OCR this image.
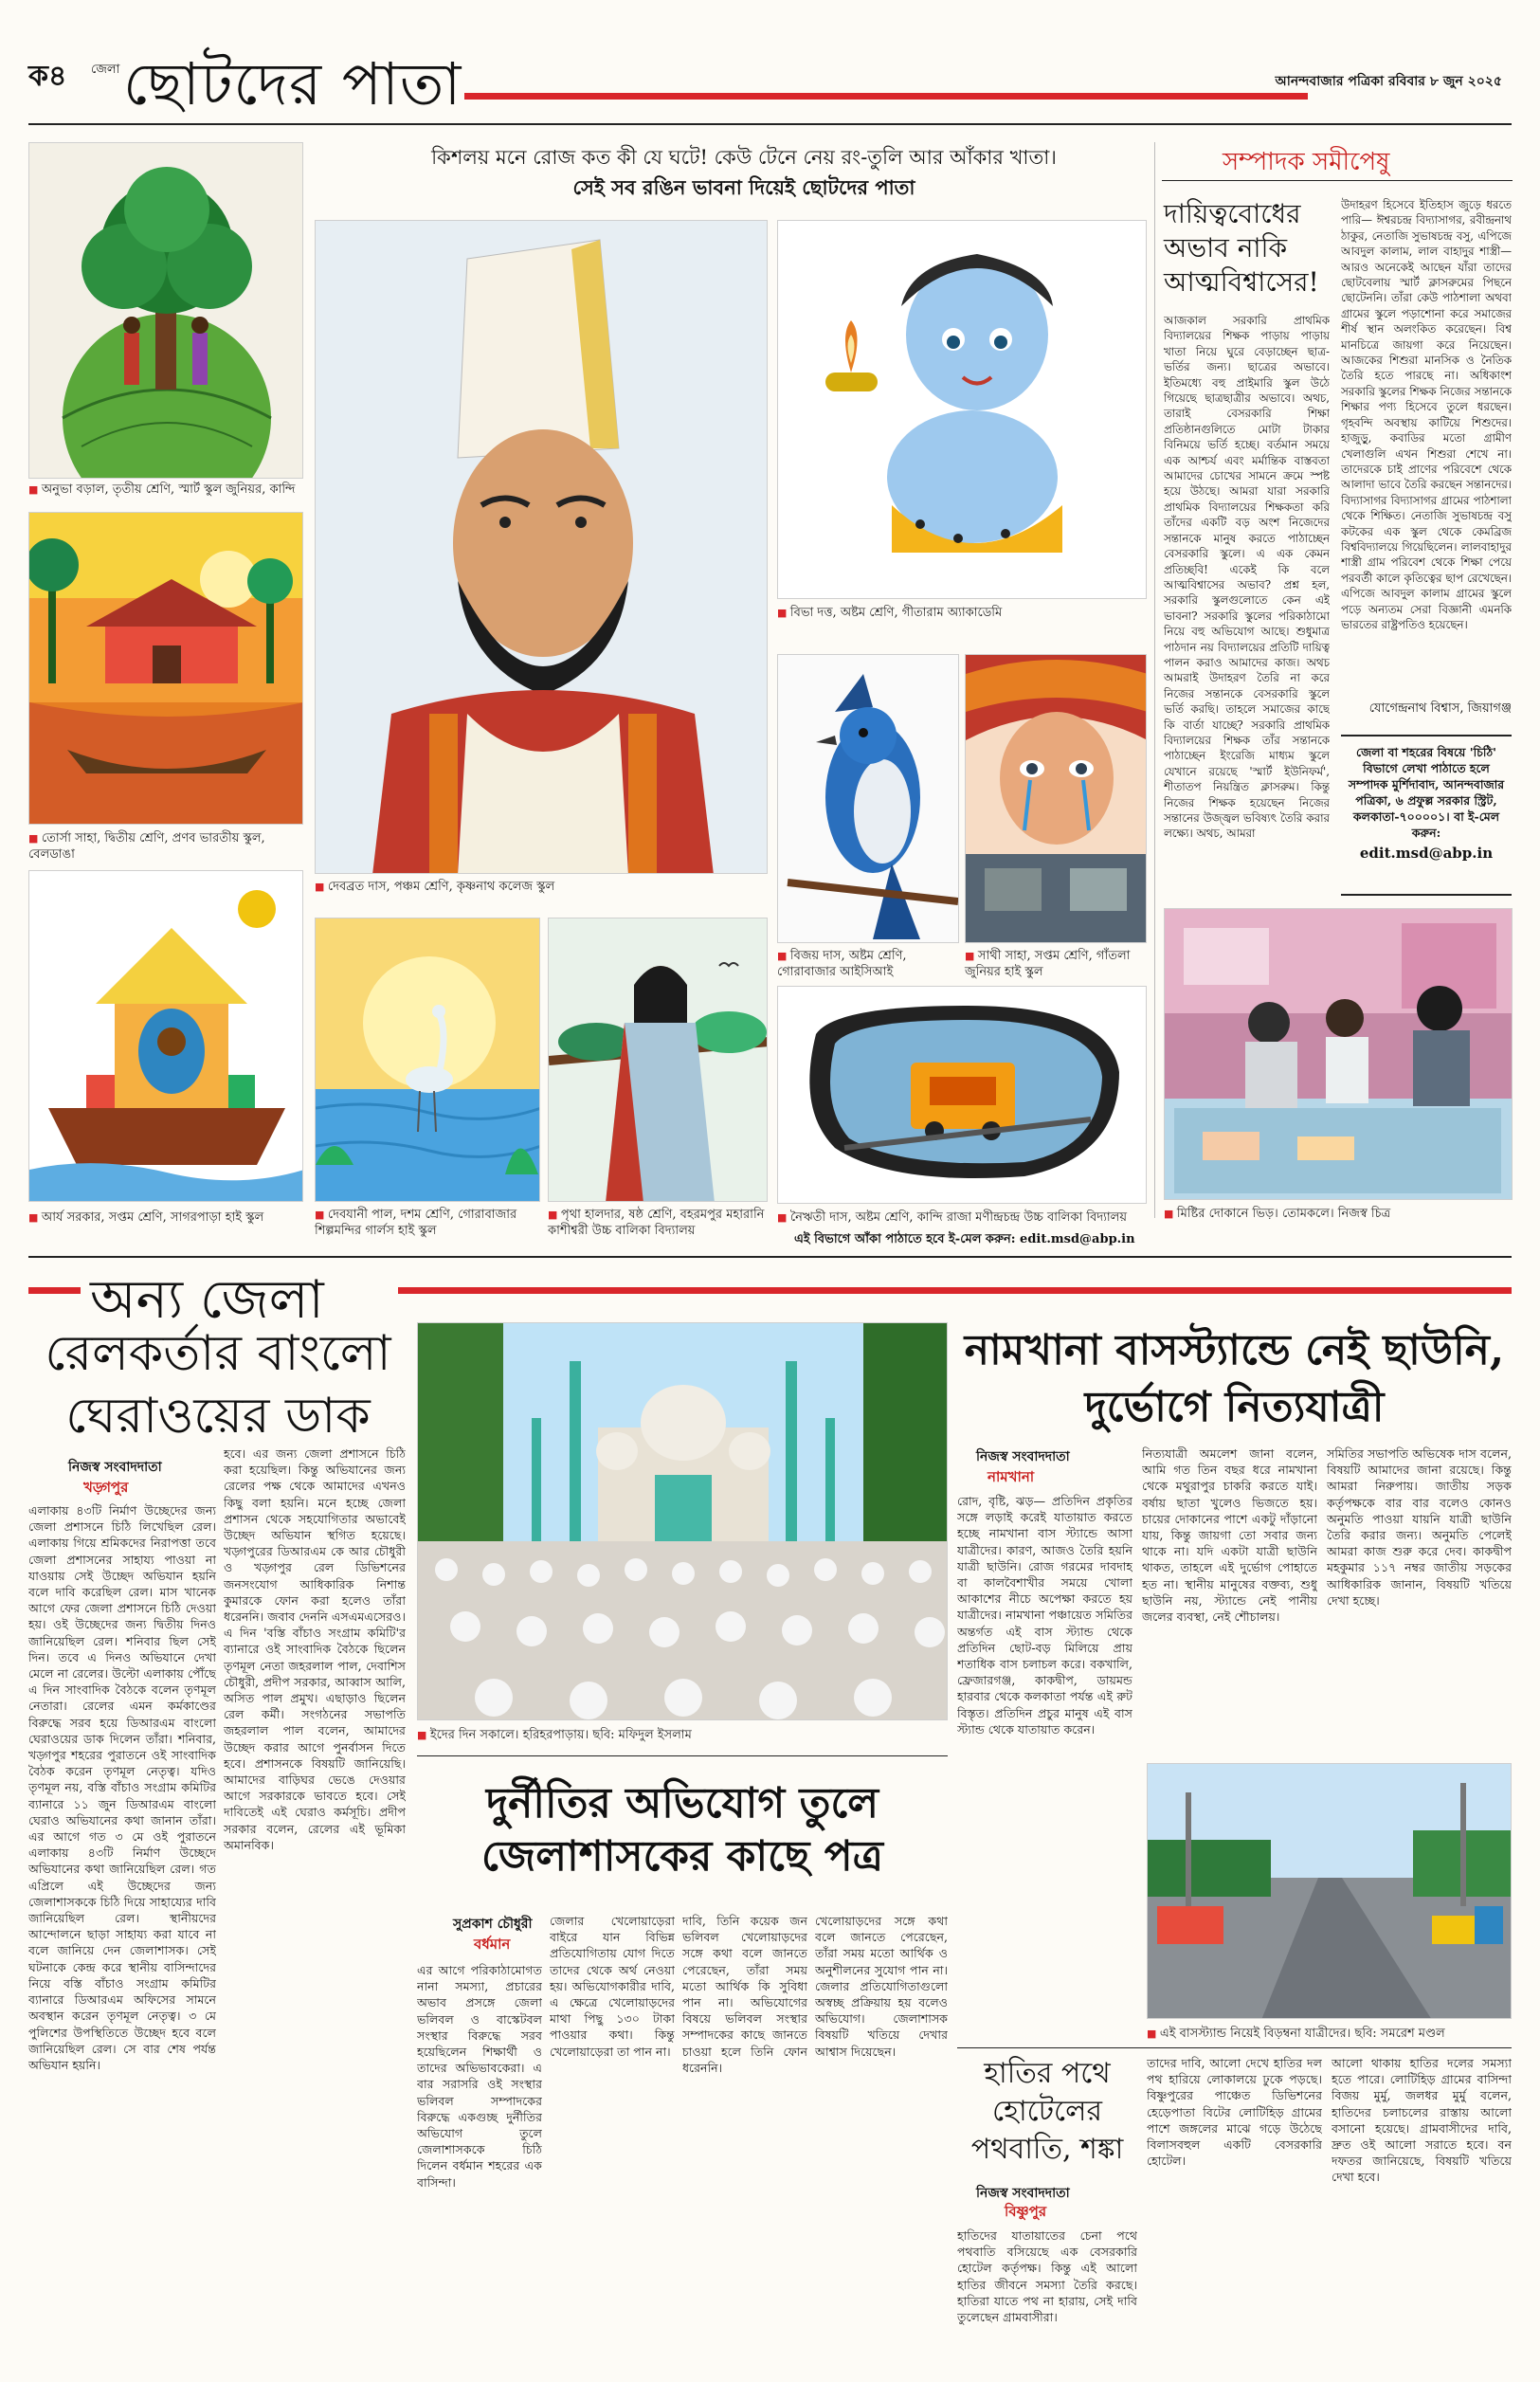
ক৪ জেলা ছোটদের পাতা	আনন্দবাজার পত্রিকা রবিবার ৮ জুন ২০২৫
কিশলয় মনে রোজ কত কী যে ঘটে! কেউ টেনে নেয় রং-তুলি আর আঁকার খাতা।
সেই সব রঙিন ভাবনা দিয়েই ছোটদের পাতা
■ অনুভা বড়াল, তৃতীয় শ্রেণি, স্মার্ট স্কুল জুনিয়র, কান্দি
■ তোর্সা সাহা, দ্বিতীয় শ্রেণি, প্রণব ভারতীয় স্কুল, বেলডাঙা
■ আর্য সরকার, সপ্তম শ্রেণি, সাগরপাড়া হাই স্কুল
■ দেবব্রত দাস, পঞ্চম শ্রেণি, কৃষ্ণনাথ কলেজ স্কুল
■ বিভা দত্ত, অষ্টম শ্রেণি, গীতারাম অ্যাকাডেমি
■ বিজয় দাস, অষ্টম শ্রেণি, গোরাবাজার আইসিআই
■ সাথী সাহা, সপ্তম শ্রেণি, গাঁতলা জুনিয়র হাই স্কুল
■ দেবযানী পাল, দশম শ্রেণি, গোরাবাজার শিল্পমন্দির গার্লস হাই স্কুল
■ পৃথা হালদার, ষষ্ঠ শ্রেণি, বহরমপুর মহারানি কাশীশ্বরী উচ্চ বালিকা বিদ্যালয়
■ নৈঋতী দাস, অষ্টম শ্রেণি, কান্দি রাজা মণীন্দ্রচন্দ্র উচ্চ বালিকা বিদ্যালয়
এই বিভাগে আঁকা পাঠাতে হবে ই-মেল করুন: edit.msd@abp.in
সম্পাদক সমীপেষু
দায়িত্ববোধের অভাব নাকি আত্মবিশ্বাসের!
আজকাল সরকারি প্রাথমিক বিদ্যালয়ের শিক্ষক পাড়ায় পাড়ায় খাতা নিয়ে ঘুরে বেড়াচ্ছেন ছাত্র-ভর্তির জন্য। ছাত্রের অভাবে। ইতিমধ্যে বহু প্রাইমারি স্কুল উঠে গিয়েছে ছাত্রছাত্রীর অভাবে। অথচ, তারাই বেসরকারি শিক্ষা প্রতিষ্ঠানগুলিতে মোটা টাকার বিনিময়ে ভর্তি হচ্ছে। বর্তমান সময়ে এক আশ্চর্য এবং মর্মান্তিক বাস্তবতা আমাদের চোখের সামনে ক্রমে স্পষ্ট হয়ে উঠছে। আমরা যারা সরকারি প্রাথমিক বিদ্যালয়ের শিক্ষকতা করি তাঁদের একটি বড় অংশ নিজেদের সন্তানকে মানুষ করতে পাঠাচ্ছেন বেসরকারি স্কুলে। এ এক কেমন প্রতিচ্ছবি! একেই কি বলে আত্মবিশ্বাসের অভাব? প্রশ্ন হল, সরকারি স্কুলগুলোতে কেন এই ভাবনা? সরকারি স্কুলের পরিকাঠামো নিয়ে বহু অভিযোগ আছে। শুধুমাত্র পাঠদান নয় বিদ্যালয়ের প্রতিটি দায়িত্ব পালন করাও আমাদের কাজ। অথচ আমরাই উদাহরণ তৈরি না করে নিজের সন্তানকে বেসরকারি স্কুলে ভর্তি করছি। তাহলে সমাজের কাছে কি বার্তা যাচ্ছে? সরকারি প্রাথমিক বিদ্যালয়ের শিক্ষক তাঁর সন্তানকে পাঠাচ্ছেন ইংরেজি মাধ্যম স্কুলে যেখানে রয়েছে 'স্মার্ট ইউনিফর্ম', শীতাতপ নিয়ন্ত্রিত ক্লাসরুম। কিন্তু নিজের শিক্ষক হয়েছেন নিজের সন্তানের উজ্জ্বল ভবিষ্যৎ তৈরি করার লক্ষ্যে। অথচ, আমরা
উদাহরণ হিসেবে ইতিহাস জুড়ে ধরতে পারি— ঈশ্বরচন্দ্র বিদ্যাসাগর, রবীন্দ্রনাথ ঠাকুর, নেতাজি সুভাষচন্দ্র বসু, এপিজে আবদুল কালাম, লাল বাহাদুর শাস্ত্রী— আরও অনেকেই আছেন যাঁরা তাদের ছোটবেলায় স্মার্ট ক্লাসরুমের পিছনে ছোটেননি। তাঁরা কেউ পাঠশালা অথবা গ্রামের স্কুলে পড়াশোনা করে সমাজের শীর্ষ স্থান অলংকিত করেছেন। বিশ্ব মানচিত্রে জায়গা করে নিয়েছেন। আজকের শিশুরা মানসিক ও নৈতিক তৈরি হতে পারছে না। অধিকাংশ সরকারি স্কুলের শিক্ষক নিজের সন্তানকে শিক্ষার পণ্য হিসেবে তুলে ধরছেন। গৃহবন্দি অবস্থায় কাটিয়ে শিশুদের। হাজুড়ু, কবাডির মতো গ্রামীণ খেলাগুলি এখন শিশুরা শেখে না। তাদেরকে চাই প্রাণের পরিবেশে থেকে আলাদা ভাবে তৈরি করছেন সন্তানদের। বিদ্যাসাগর বিদ্যাসাগর গ্রামের পাঠশালা থেকে শিক্ষিত। নেতাজি সুভাষচন্দ্র বসু কটকের এক স্কুল থেকে কেমব্রিজ বিশ্ববিদ্যালয়ে গিয়েছিলেন। লালবাহাদুর শাস্ত্রী গ্রাম পরিবেশ থেকে শিক্ষা পেয়ে পরবর্তী কালে কৃতিত্বের ছাপ রেখেছেন। এপিজে আবদুল কালাম গ্রামের স্কুলে পড়ে অন্যতম সেরা বিজ্ঞানী এমনকি ভারতের রাষ্ট্রপতিও হয়েছেন।
যোগেন্দ্রনাথ বিশ্বাস, জিয়াগঞ্জ
জেলা বা শহরের বিষয়ে 'চিঠি' বিভাগে লেখা পাঠাতে হলে সম্পাদক মুর্শিদাবাদ, আনন্দবাজার পত্রিকা, ৬ প্রফুল্ল সরকার স্ট্রিট, কলকাতা-৭০০০০১। বা ই-মেল করুন:
edit.msd@abp.in
■ মিষ্টির দোকানে ভিড়। তোমকলে। নিজস্ব চিত্র
অন্য জেলা
রেলকর্তার বাংলো ঘেরাওয়ের ডাক
নিজস্ব সংবাদদাতা
খড়্গপুর
এলাকায় ৪৩টি নির্মাণ উচ্ছেদের জন্য জেলা প্রশাসনে চিঠি লিখেছিল রেল। এলাকায় গিয়ে শ্রমিকদের নিরাপত্তা তবে জেলা প্রশাসনের সাহায্য পাওয়া না যাওয়ায় সেই উচ্ছেদ অভিযান হয়নি বলে দাবি করেছিল রেল। মাস খানেক আগে ফের জেলা প্রশাসনে চিঠি দেওয়া হয়। ওই উচ্ছেদের জন্য দ্বিতীয় দিনও জানিয়েছিল রেল। শনিবার ছিল সেই দিন। তবে এ দিনও অভিযানে দেখা মেলে না রেলের। উল্টো এলাকায় পৌঁছে এ দিন সাংবাদিক বৈঠকে বলেন তৃণমূল নেতারা। রেলের এমন কর্মকাণ্ডের বিরুদ্ধে সরব হয়ে ডিআরএম বাংলো ঘেরাওয়ের ডাক দিলেন তাঁরা। শনিবার, খড়্গপুর শহরের পুরাতনে ওই সাংবাদিক বৈঠক করেন তৃণমূল নেতৃত্ব। যদিও তৃণমূল নয়, বস্তি বাঁচাও সংগ্রাম কমিটির ব্যানারে ১১ জুন ডিআরএম বাংলো ঘেরাও অভিযানের কথা জানান তাঁরা। এর আগে গত ৩ মে ওই পুরাতনে এলাকায় ৪৩টি নির্মাণ উচ্ছেদে অভিযানের কথা জানিয়েছিল রেল। গত এপ্রিলে এই উচ্ছেদের জন্য জেলাশাসককে চিঠি দিয়ে সাহায্যের দাবি জানিয়েছিল রেল। স্থানীয়দের আন্দোলনে ছাড়া সাহায্য করা যাবে না বলে জানিয়ে দেন জেলাশাসক। সেই ঘটনাকে কেন্দ্র করে স্থানীয় বাসিন্দাদের নিয়ে বস্তি বাঁচাও সংগ্রাম কমিটির ব্যানারে ডিআরএম অফিসের সামনে অবস্থান করেন তৃণমূল নেতৃত্ব। ৩ মে পুলিশের উপস্থিতিতে উচ্ছেদ হবে বলে জানিয়েছিল রেল। সে বার শেষ পর্যন্ত অভিযান হয়নি।
হবে। এর জন্য জেলা প্রশাসনে চিঠি করা হয়েছিল। কিন্তু অভিযানের জন্য রেলের পক্ষ থেকে আমাদের এখনও কিছু বলা হয়নি। মনে হচ্ছে জেলা প্রশাসন থেকে সহযোগিতার অভাবেই উচ্ছেদ অভিযান স্থগিত হয়েছে। খড়্গপুরের ডিআরএম কে আর চৌধুরী ও খড়্গপুর রেল ডিভিশনের জনসংযোগ আধিকারিক নিশান্ত কুমারকে ফোন করা হলেও তাঁরা ধরেননি। জবাব দেননি এসএমএসেরও। এ দিন 'বস্তি বাঁচাও সংগ্রাম কমিটি'র ব্যানারে ওই সাংবাদিক বৈঠকে ছিলেন তৃণমূল নেতা জহরলাল পাল, দেবাশিস চৌধুরী, প্রদীপ সরকার, আব্বাস আলি, অসিত পাল প্রমুখ। এছাড়াও ছিলেন রেল কর্মী। সংগঠনের সভাপতি জহরলাল পাল বলেন, আমাদের উচ্ছেদ করার আগে পুনর্বাসন দিতে হবে। প্রশাসনকে বিষয়টি জানিয়েছি। আমাদের বাড়িঘর ভেঙে দেওয়ার আগে সরকারকে ভাবতে হবে। সেই দাবিতেই এই ঘেরাও কর্মসূচি। প্রদীপ সরকার বলেন, রেলের এই ভূমিকা অমানবিক।
■ ইদের দিন সকালে। হরিহরপাড়ায়। ছবি: মফিদুল ইসলাম
দুর্নীতির অভিযোগ তুলে জেলাশাসকের কাছে পত্র
সুপ্রকাশ চৌধুরী
বর্ধমান
এর আগে পরিকাঠামোগত নানা সমস্যা, প্রচারের অভাব প্রসঙ্গে জেলা ভলিবল ও বাস্কেটবল সংস্থার বিরুদ্ধে সরব হয়েছিলেন শিক্ষার্থী ও তাদের অভিভাবকেরা। এ বার সরাসরি ওই সংস্থার ভলিবল সম্পাদকের বিরুদ্ধে একগুচ্ছ দুর্নীতির অভিযোগ তুলে জেলাশাসককে চিঠি দিলেন বর্ধমান শহরের এক বাসিন্দা।
জেলার খেলোয়াড়েরা বাইরে যান বিভিন্ন প্রতিযোগিতায় যোগ দিতে তাদের থেকে অর্থ নেওয়া হয়। অভিযোগকারীর দাবি, এ ক্ষেত্রে খেলোয়াড়দের মাথা পিছু ১৩০ টাকা পাওয়ার কথা। কিন্তু খেলোয়াড়েরা তা পান না।
দাবি, তিনি কয়েক জন ভলিবল খেলোয়াড়দের সঙ্গে কথা বলে জানতে পেরেছেন, তাঁরা সময় মতো আর্থিক কি সুবিধা পান না। অভিযোগের বিষয়ে ভলিবল সংস্থার সম্পাদকের কাছে জানতে চাওয়া হলে তিনি ফোন ধরেননি।
খেলোয়াড়দের সঙ্গে কথা বলে জানতে পেরেছেন, তাঁরা সময় মতো আর্থিক ও অনুশীলনের সুযোগ পান না। জেলার প্রতিযোগিতাগুলো অস্বচ্ছ প্রক্রিয়ায় হয় বলেও অভিযোগ। জেলাশাসক বিষয়টি খতিয়ে দেখার আশ্বাস দিয়েছেন।
নামখানা বাসস্ট্যান্ডে নেই ছাউনি, দুর্ভোগে নিত্যযাত্রী
নিজস্ব সংবাদদাতা
নামখানা
রোদ, বৃষ্টি, ঝড়— প্রতিদিন প্রকৃতির সঙ্গে লড়াই করেই যাতায়াত করতে হচ্ছে নামখানা বাস স্ট্যান্ডে আসা যাত্রীদের। কারণ, আজও তৈরি হয়নি যাত্রী ছাউনি। রোজ গরমের দাবদাহ বা কালবৈশাখীর সময়ে খোলা আকাশের নীচে অপেক্ষা করতে হয় যাত্রীদের। নামখানা পঞ্চায়েত সমিতির অন্তর্গত এই বাস স্ট্যান্ড থেকে প্রতিদিন ছোট-বড় মিলিয়ে প্রায় শতাধিক বাস চলাচল করে। বকখালি, ফ্রেজারগঞ্জ, কাকদ্বীপ, ডায়মন্ড হারবার থেকে কলকাতা পর্যন্ত এই রুট বিস্তৃত। প্রতিদিন প্রচুর মানুষ এই বাস স্ট্যান্ড থেকে যাতায়াত করেন।
নিত্যযাত্রী অমলেশ জানা বলেন, আমি গত তিন বছর ধরে নামখানা থেকে মথুরাপুর চাকরি করতে যাই। বর্ষায় ছাতা খুলেও ভিজতে হয়। চায়ের দোকানের পাশে একটু দাঁড়ানো যায়, কিন্তু জায়গা তো সবার জন্য থাকে না। যদি একটা যাত্রী ছাউনি থাকত, তাহলে এই দুর্ভোগ পোহাতে হত না। স্থানীয় মানুষের বক্তব্য, শুধু ছাউনি নয়, স্ট্যান্ডে নেই পানীয় জলের ব্যবস্থা, নেই শৌচালয়।
সমিতির সভাপতি অভিষেক দাস বলেন, বিষয়টি আমাদের জানা রয়েছে। কিন্তু আমরা নিরুপায়। জাতীয় সড়ক কর্তৃপক্ষকে বার বার বলেও কোনও অনুমতি পাওয়া যায়নি যাত্রী ছাউনি তৈরি করার জন্য। অনুমতি পেলেই আমরা কাজ শুরু করে দেব। কাকদ্বীপ মহকুমার ১১৭ নম্বর জাতীয় সড়কের আধিকারিক জানান, বিষয়টি খতিয়ে দেখা হচ্ছে।
■ এই বাসস্ট্যান্ড নিয়েই বিড়ম্বনা যাত্রীদের। ছবি: সমরেশ মণ্ডল
হাতির পথে হোটেলের পথবাতি, শঙ্কা
নিজস্ব সংবাদদাতা
বিষ্ণুপুর
হাতিদের যাতায়াতের চেনা পথে পথবাতি বসিয়েছে এক বেসরকারি হোটেল কর্তৃপক্ষ। কিন্তু এই আলো হাতির জীবনে সমস্যা তৈরি করছে। হাতিরা যাতে পথ না হারায়, সেই দাবি তুলেছেন গ্রামবাসীরা।
তাদের দাবি, আলো দেখে হাতির দল পথ হারিয়ে লোকালয়ে ঢুকে পড়ছে। বিষ্ণুপুরের পাঞ্চেত ডিভিশনের হেড়েপাতা বিটের লোটিহিড় গ্রামের পাশে জঙ্গলের মাঝে গড়ে উঠেছে বিলাসবহুল একটি বেসরকারি হোটেল।
আলো থাকায় হাতির দলের সমস্যা হতে পারে। লোটিহিড় গ্রামের বাসিন্দা বিজয় মুর্মু, জলধর মুর্মু বলেন, হাতিদের চলাচলের রাস্তায় আলো বসানো হয়েছে। গ্রামবাসীদের দাবি, দ্রুত ওই আলো সরাতে হবে। বন দফতর জানিয়েছে, বিষয়টি খতিয়ে দেখা হবে।
